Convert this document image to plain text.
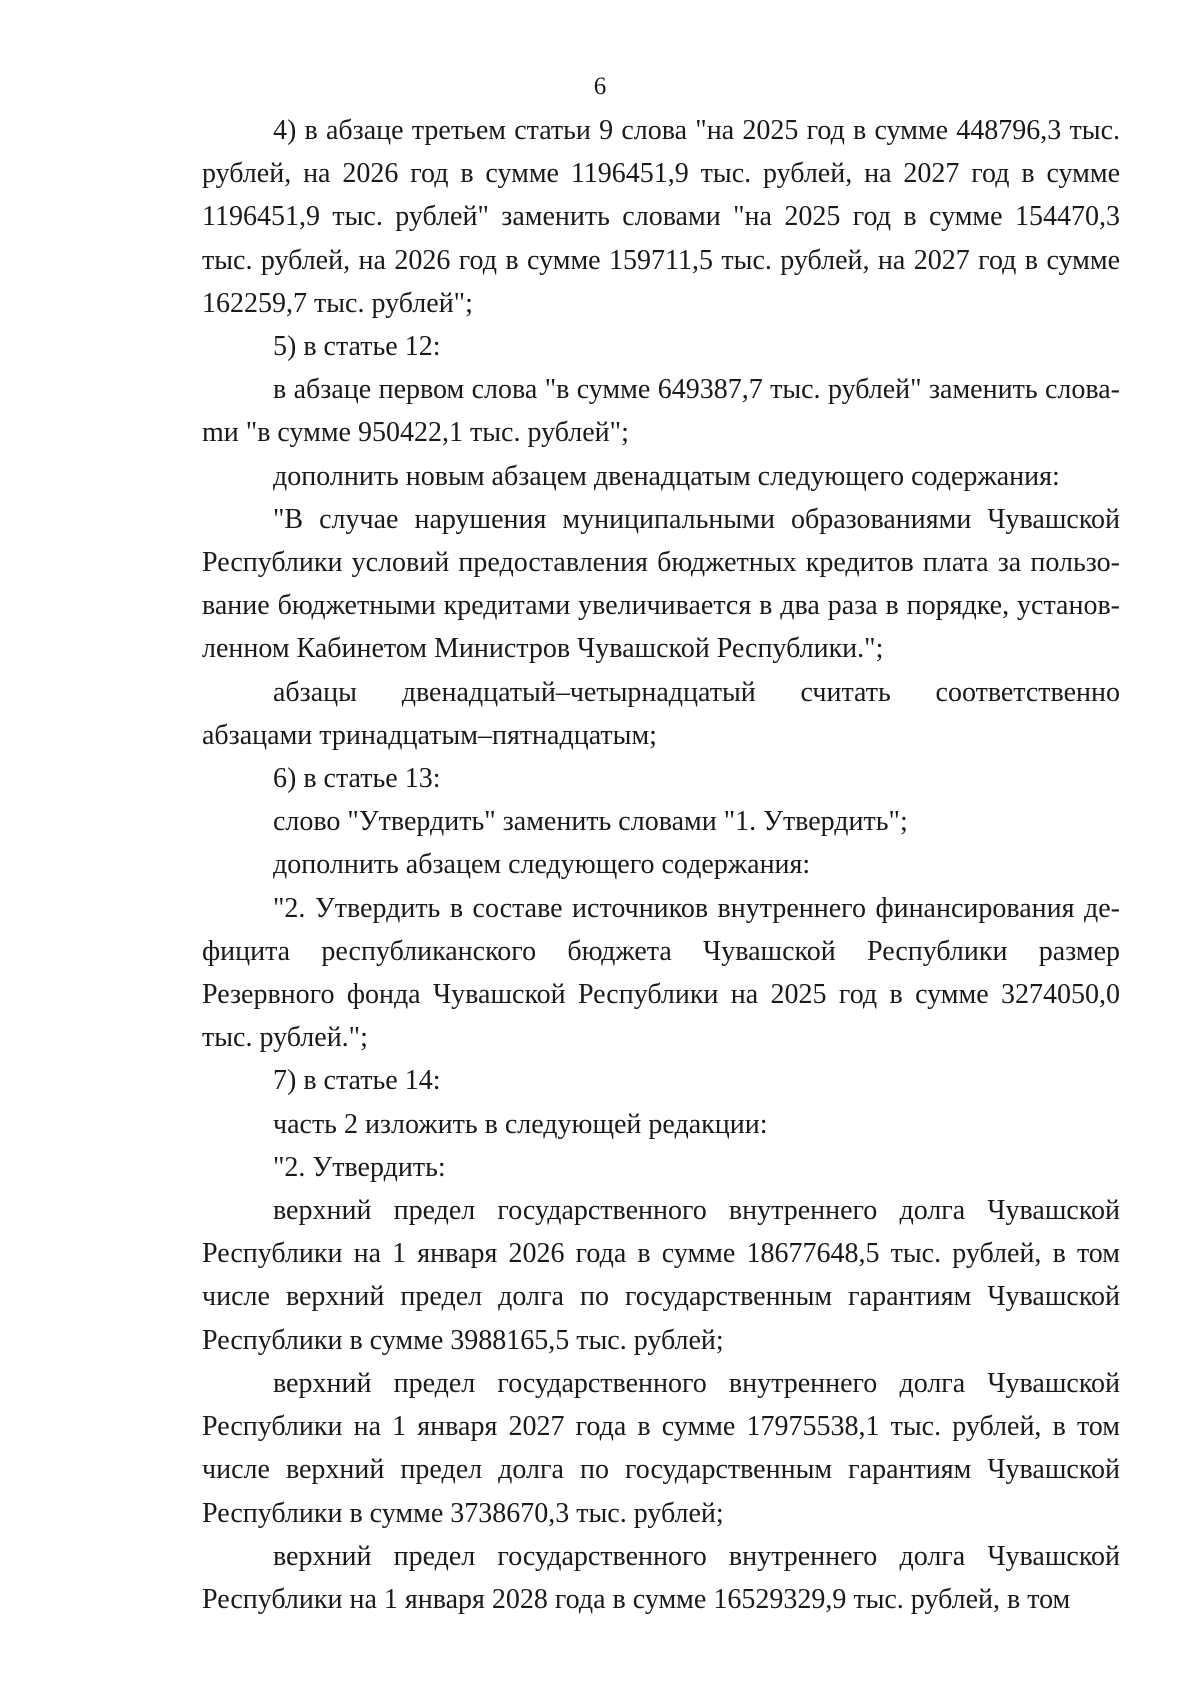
6

4) в абзаце третьем статьи 9 слова "на 2025 год в сумме 448796,3 тыс. рублей, на 2026 год в сумме 1196451,9 тыс. рублей, на 2027 год в сумме 1196451,9 тыс. рублей" заменить словами "на 2025 год в сумме 154470,3 тыс. рублей, на 2026 год в сумме 159711,5 тыс. рублей, на 2027 год в сумме 162259,7 тыс. рублей";

5) в статье 12:

в абзаце первом слова "в сумме 649387,7 тыс. рублей" заменить словаmи "в сумме 950422,1 тыс. рублей";

дополнить новым абзацем двенадцатым следующего содержания:

"В случае нарушения муниципальными образованиями Чувашской Республики условий предоставления бюджетных кредитов плата за пользование бюджетными кредитами увеличивается в два раза в порядке, установленном Кабинетом Министров Чувашской Республики.";

абзацы двенадцатый–четырнадцатый считать соответственно абзацами тринадцатым–пятнадцатым;

6) в статье 13:

слово "Утвердить" заменить словами "1. Утвердить";

дополнить абзацем следующего содержания:

"2. Утвердить в составе источников внутреннего финансирования дефицита республиканского бюджета Чувашской Республики размер Резервного фонда Чувашской Республики на 2025 год в сумме 3274050,0 тыс. рублей.";

7) в статье 14:

часть 2 изложить в следующей редакции:

"2. Утвердить:

верхний предел государственного внутреннего долга Чувашской Республики на 1 января 2026 года в сумме 18677648,5 тыс. рублей, в том числе верхний предел долга по государственным гарантиям Чувашской Республики в сумме 3988165,5 тыс. рублей;

верхний предел государственного внутреннего долга Чувашской Республики на 1 января 2027 года в сумме 17975538,1 тыс. рублей, в том числе верхний предел долга по государственным гарантиям Чувашской Республики в сумме 3738670,3 тыс. рублей;

верхний предел государственного внутреннего долга Чувашской Республики на 1 января 2028 года в сумме 16529329,9 тыс. рублей, в том
